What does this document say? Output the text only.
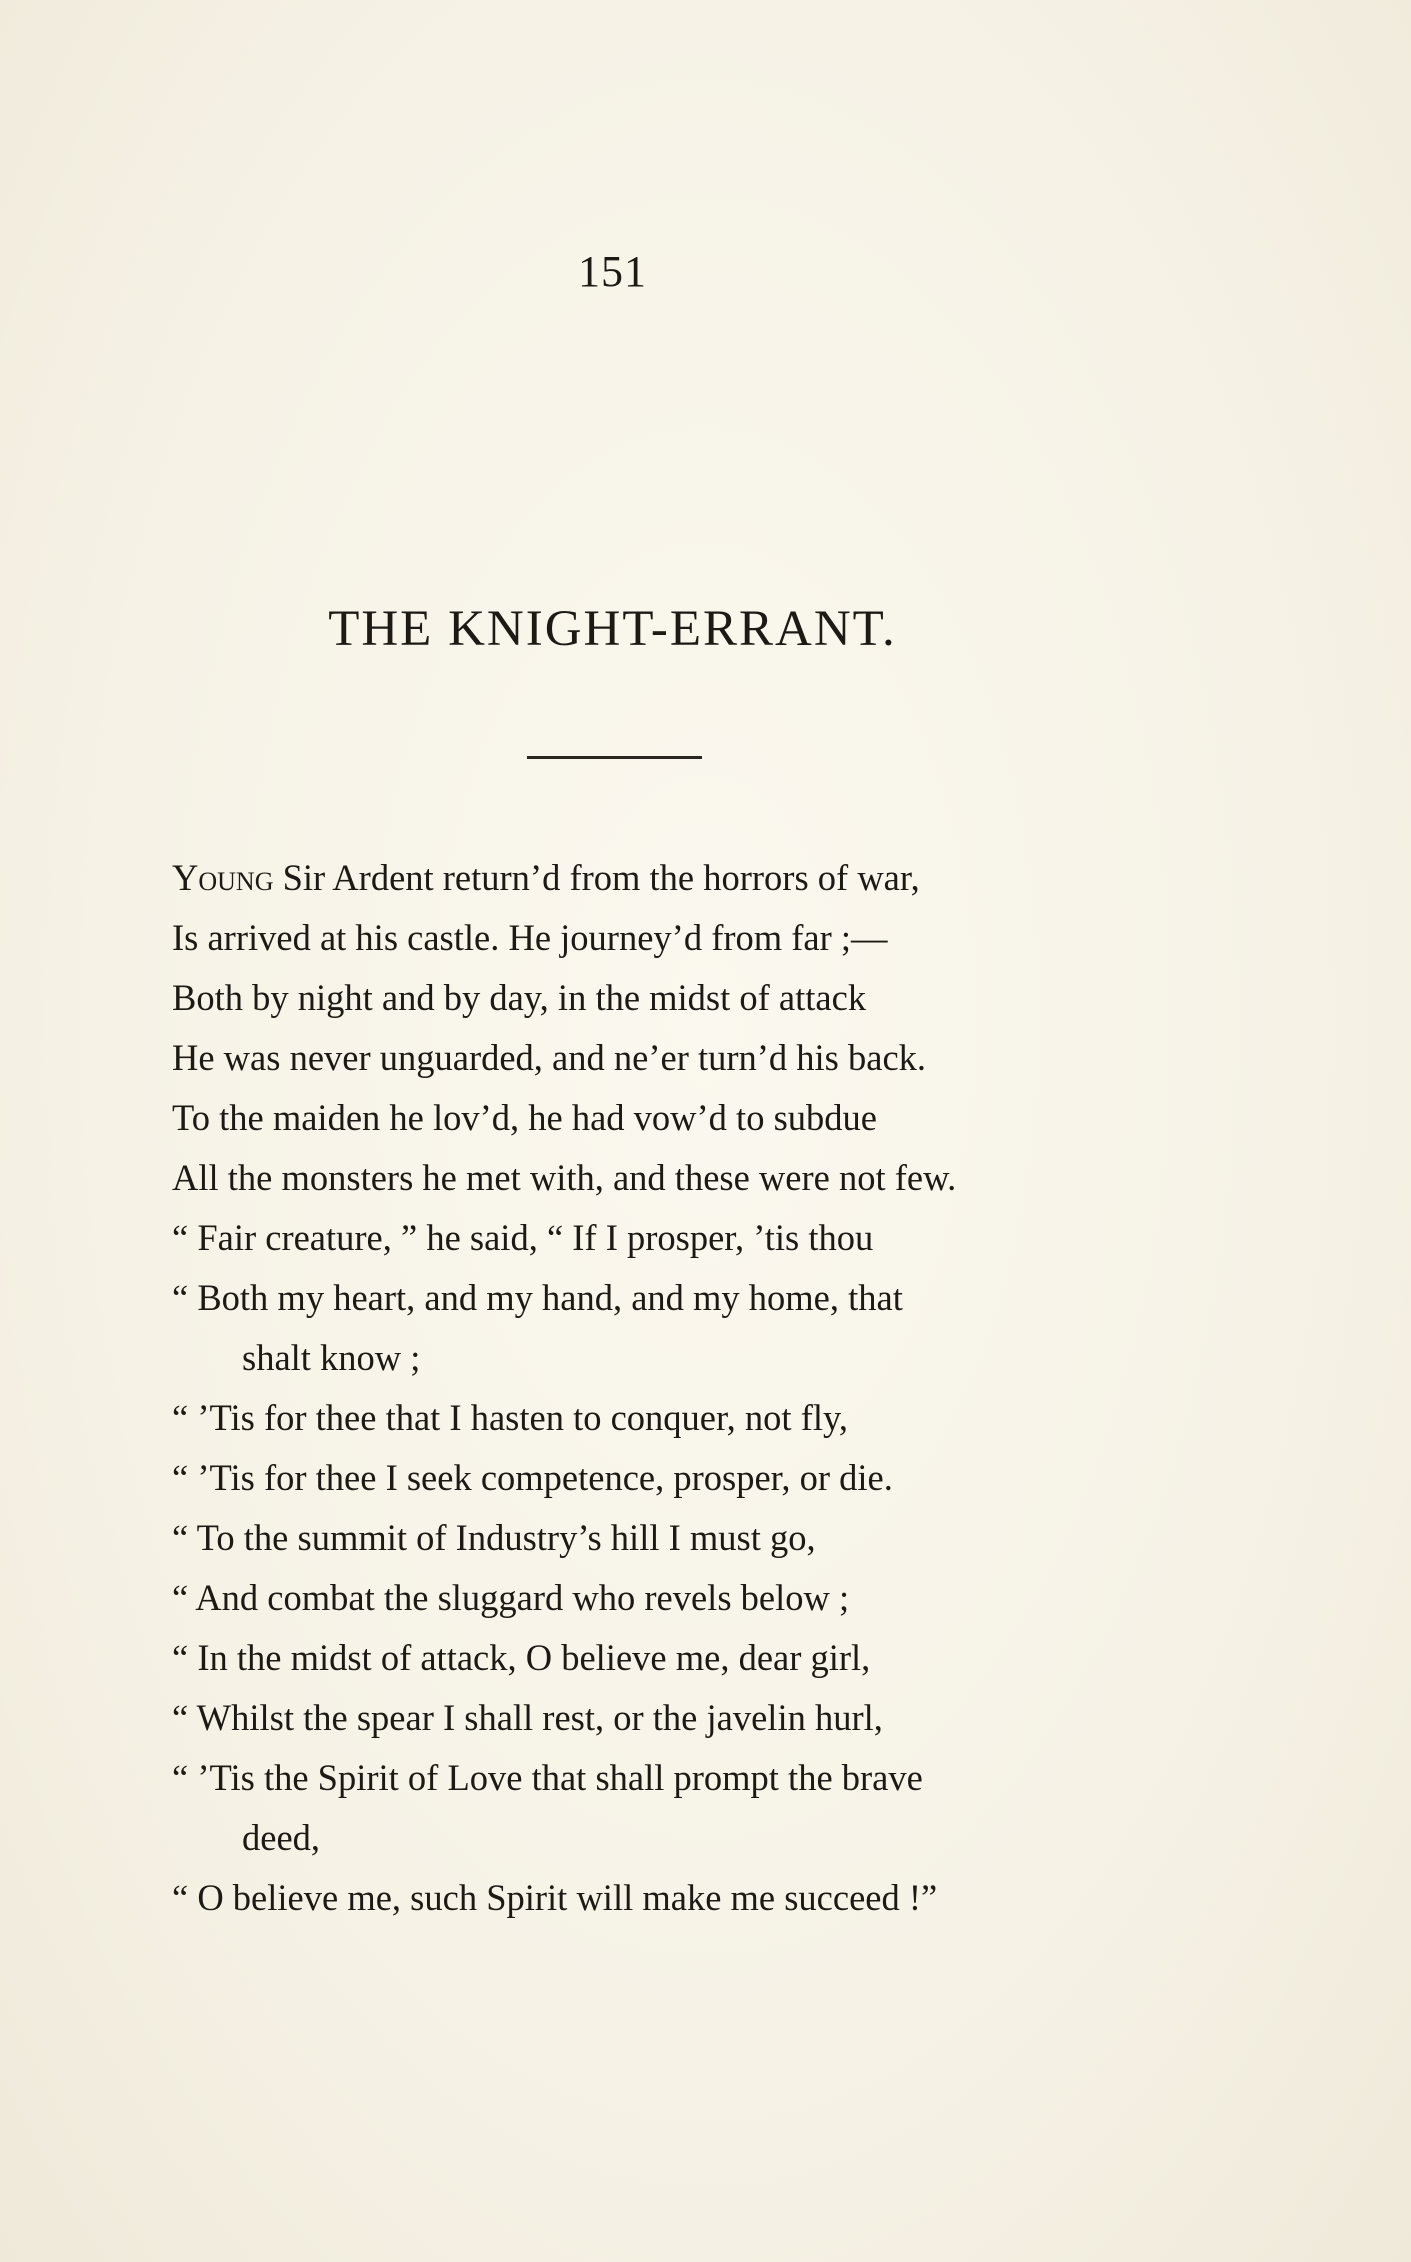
151
THE KNIGHT-ERRANT.
Young Sir Ardent return’d from the horrors of war,
Is arrived at his castle. He journey’d from far ;—
Both by night and by day, in the midst of attack
He was never unguarded, and ne’er turn’d his back.
To the maiden he lov’d, he had vow’d to subdue
All the monsters he met with, and these were not few.
“ Fair creature, ” he said, “ If I prosper, ’tis thou
“ Both my heart, and my hand, and my home, that
shalt know ;
“ ’Tis for thee that I hasten to conquer, not fly,
“ ’Tis for thee I seek competence, prosper, or die.
“ To the summit of Industry’s hill I must go,
“ And combat the sluggard who revels below ;
“ In the midst of attack, O believe me, dear girl,
“ Whilst the spear I shall rest, or the javelin hurl,
“ ’Tis the Spirit of Love that shall prompt the brave
deed,
“ O believe me, such Spirit will make me succeed !”
